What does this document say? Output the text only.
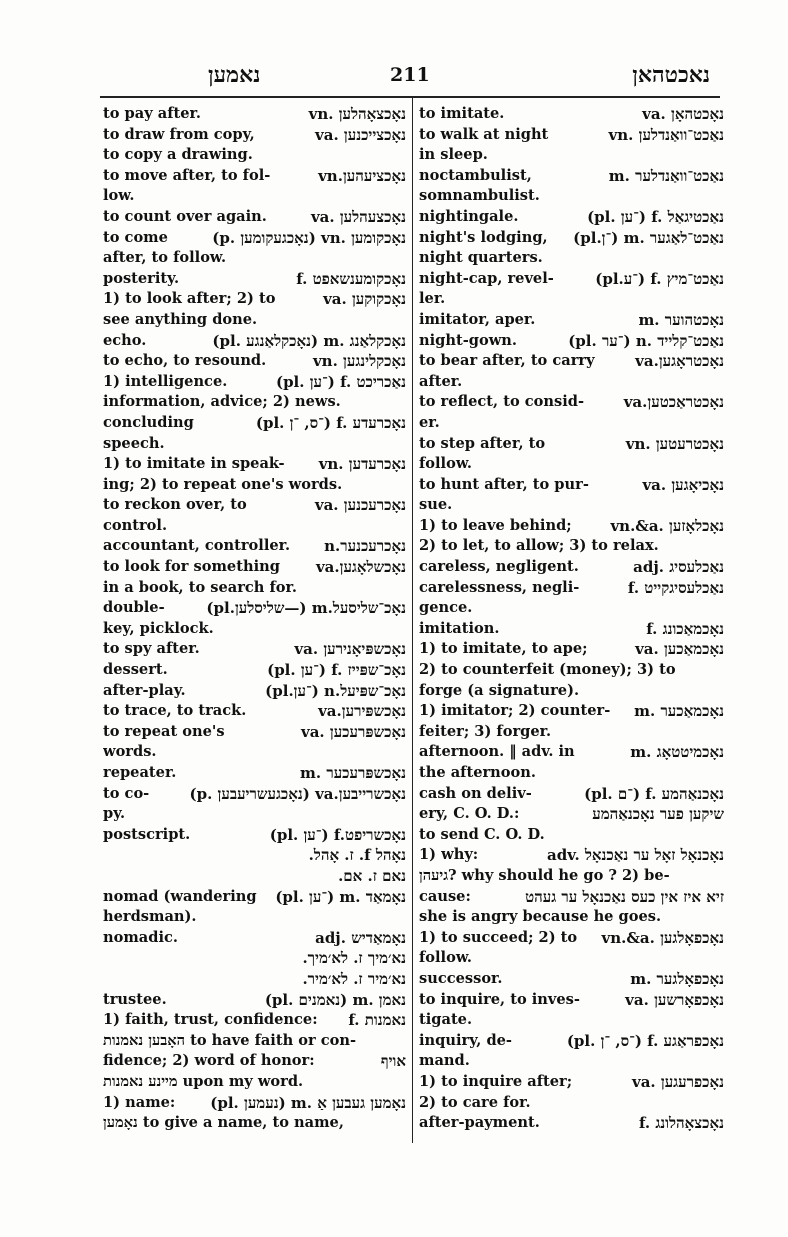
נאמען	211	נאכטהאן
to pay after.	vn. נאָכצאָהלען
to draw from copy,	va. נאָכצייכנען
to copy a drawing.
to move after, to fol-	vn.נאָכציעהען
low.
to count over again.	va. נאָכצעהלען
to come	(p. נאָכגעקומען) vn. נאָכקומען
after, to follow.
posterity.	f. נאָכקומענשאפט
1) to look after; 2) to	va. נאָכקוקען
see anything done.
echo.	(pl. נאָכקלאַנגע) m. נאָכקלאַנג
to echo, to resound.	vn. נאָכקלינגען
1) intelligence.	(pl. ־ען) f. נאַכריכט
information, advice; 2) news.
concluding	(pl. ־ס, ־ן) f. נאָכרעדע
speech.
1) to imitate in speak- vn. נאָכרעדען
ing; 2) to repeat one's words.
to reckon over, to	va. נאָכרעכנען
control.
accountant, controller. n.נאָכרעכנער
to look for something va.נאָכשלאָגען
in a book, to search for.
double-	(pl.שליסלען—) m.נאָכ־שליסעל
key, picklock.
to spy after.	va. נאָכשפּיאָנירען
dessert.	(pl. ־ען) f. נאָכ־שפּייז
after-play.	(pl.־ען) n.נאָכ־שפּיעל
to trace, to track.	va.נאָכשפּירען
to repeat one's	va. נאָכשפּרעכען
words.
repeater.	m. נאָכשפּרעכער
to co-	(p. נאָכגעשריעבען) va.נאָכשרייבען
py.
postscript.	(pl. ־ען) f.נאָכשריפט
נאָהל f. ז. אָהל.
נאם ז. אם.
nomad (wandering (pl. ־ען) m. נאָמאַד
herdsman).
nomadic.	adj. נאָמאַדיש
נא׳מיך ז. לא׳מיך.
נא׳מיר ז. לא׳מיר.
trustee.	(pl. נאמנים) m. נאמן
1) faith, trust, confidence: f. נאמנות
האָבען נאמנות to have faith or con-
fidence; 2) word of honor:	אויף
מיינע נאמנות upon my word.
1) name: (pl. נעמען) m. נאָמען געבען אַ
נאָמען to give a name, to name,
to imitate.	va. נאָכטהאָן
to walk at night	vn. נאַכט־וואַנדלען
in sleep.
noctambulist,	m. נאַכט־וואַנדלער
somnambulist.
nightingale.	(pl. ־ען) f. נאַכטיגאַל
night's lodging, (pl.־ן) m. נאַכט־לאַגער
night quarters.
night-cap, revel-	(pl.־ע) f. נאַכט־מיץ
ler.
imitator, aper.	m. נאָכטהוער
night-gown.	(pl. ־ער) n. נאַכט־קלייד
to bear after, to carry	va.נאָכטראָגען
after.
to reflect, to consid-	va.נאָכטראַכטען
er.
to step after, to	vn. נאָכטרעטען
follow.
to hunt after, to pur-	va. נאָכיאָגען
sue.
1) to leave behind;	vn.&a. נאָכלאָזען
2) to let, to allow; 3) to relax.
careless, negligent.	adj. נאַכלעסיג
carelessness, negli-	f. נאַכלעסיגקייט
gence.
imitation.	f. נאָכמאַכונג
1) to imitate, to ape;	va. נאָכמאַכען
2) to counterfeit (money); 3) to
forge (a signature).
1) imitator; 2) counter- m. נאָכמאַכער
feiter; 3) forger.
afternoon. ‖ adv. in	m. נאָכמיטטאָג
the afternoon.
cash on deliv-	(pl. ־ם) f. נאָכנאַהמע
ery, C. O. D.:	שיקען פער נאָכנאַהמע
to send C. O. D.
1) why:	adv. נאָכנאָל זאָל ער נאַכנאָל
גיעהן? why should he go ? 2) be-
cause:	זיא איז אין כעס נאַכנאָל ער געהט
she is angry because he goes.
1) to succeed; 2) to vn.&a. נאָכפאָלגען
follow.
successor.	m. נאָכפאָלגער
to inquire, to inves-	va. נאָכפאָרשען
tigate.
inquiry, de-	(pl. ־ס, ־ן) f. נאָכפראַגע
mand.
1) to inquire after;	va. נאָכפרעגען
2) to care for.
after-payment.	f. נאָכצאָהלונג
